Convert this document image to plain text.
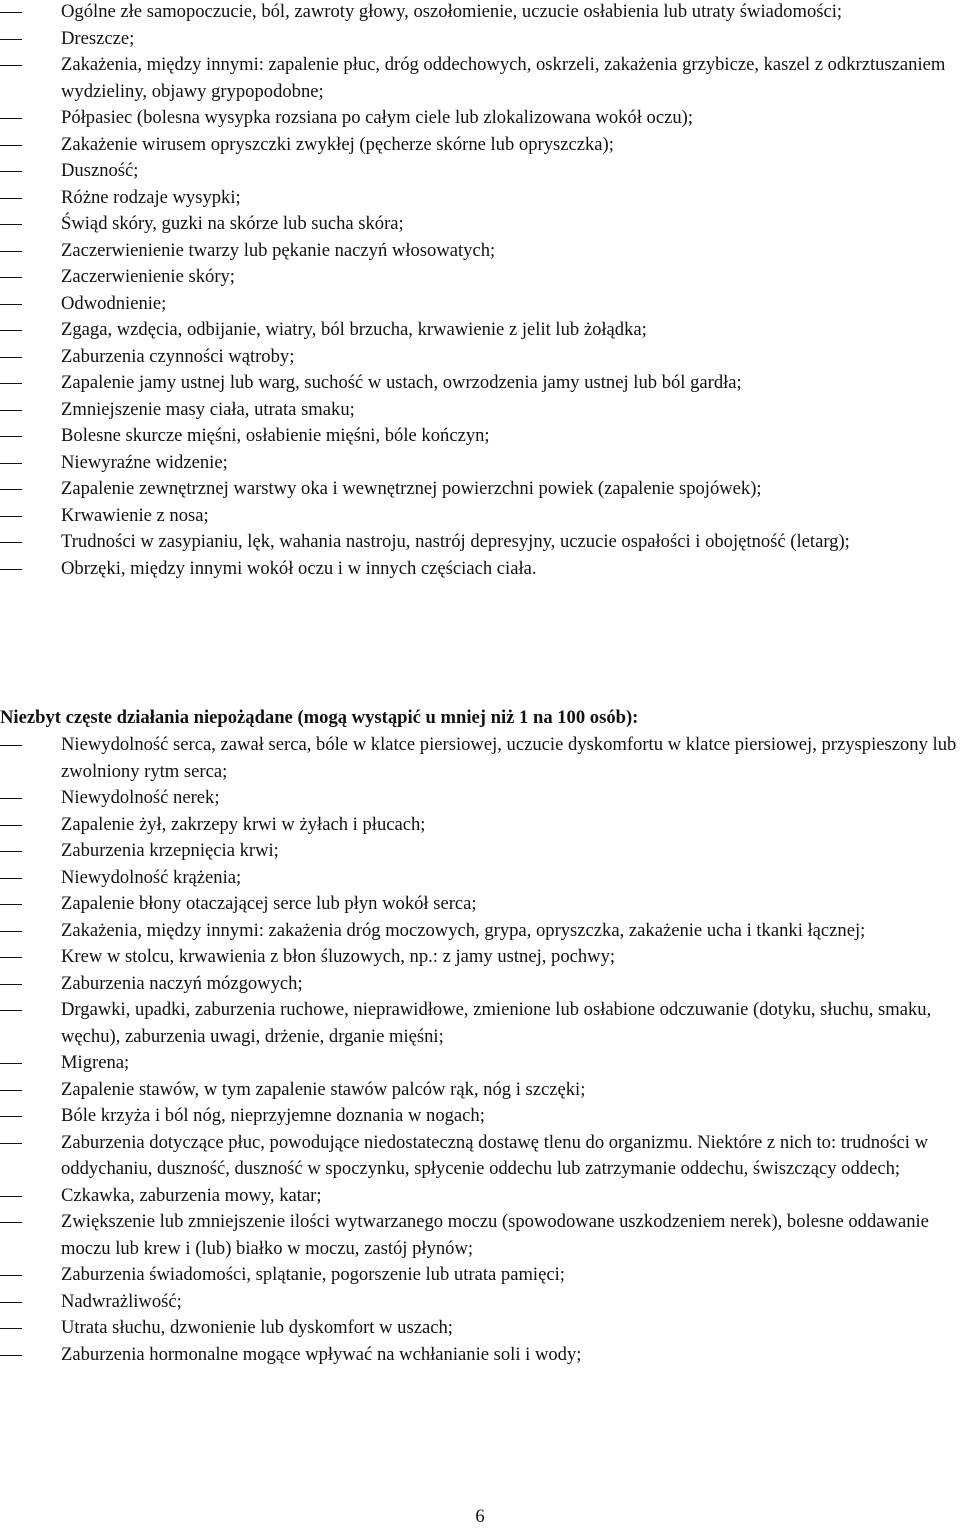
Ogólne złe samopoczucie, ból, zawroty głowy, oszołomienie, uczucie osłabienia lub utraty świadomości;
Dreszcze;
Zakażenia, między innymi: zapalenie płuc, dróg oddechowych, oskrzeli, zakażenia grzybicze, kaszel z odkrztuszaniem wydzieliny, objawy grypopodobne;
Półpasiec (bolesna wysypka rozsiana po całym ciele lub zlokalizowana wokół oczu);
Zakażenie wirusem opryszczki zwykłej (pęcherze skórne lub opryszczka);
Duszność;
Różne rodzaje wysypki;
Świąd skóry, guzki na skórze lub sucha skóra;
Zaczerwienienie twarzy lub pękanie naczyń włosowatych;
Zaczerwienienie skóry;
Odwodnienie;
Zgaga, wzdęcia, odbijanie, wiatry, ból brzucha, krwawienie z jelit lub żołądka;
Zaburzenia czynności wątroby;
Zapalenie jamy ustnej lub warg, suchość w ustach, owrzodzenia jamy ustnej lub ból gardła;
Zmniejszenie masy ciała, utrata smaku;
Bolesne skurcze mięśni, osłabienie mięśni, bóle kończyn;
Niewyraźne widzenie;
Zapalenie zewnętrznej warstwy oka i wewnętrznej powierzchni powiek (zapalenie spojówek);
Krwawienie z nosa;
Trudności w zasypianiu, lęk, wahania nastroju, nastrój depresyjny, uczucie ospałości i obojętność (letarg);
Obrzęki, między innymi wokół oczu i w innych częściach ciała.
Niezbyt częste działania niepożądane (mogą wystąpić u mniej niż 1 na 100 osób):
Niewydolność serca, zawał serca, bóle w klatce piersiowej, uczucie dyskomfortu w klatce piersiowej, przyspieszony lub zwolniony rytm serca;
Niewydolność nerek;
Zapalenie żył, zakrzepy krwi w żyłach i płucach;
Zaburzenia krzepnięcia krwi;
Niewydolność krążenia;
Zapalenie błony otaczającej serce lub płyn wokół serca;
Zakażenia, między innymi: zakażenia dróg moczowych, grypa, opryszczka, zakażenie ucha i tkanki łącznej;
Krew w stolcu, krwawienia z błon śluzowych, np.: z jamy ustnej, pochwy;
Zaburzenia naczyń mózgowych;
Drgawki, upadki, zaburzenia ruchowe, nieprawidłowe, zmienione lub osłabione odczuwanie (dotyku, słuchu, smaku, węchu), zaburzenia uwagi, drżenie, drganie mięśni;
Migrena;
Zapalenie stawów, w tym zapalenie stawów palców rąk, nóg i szczęki;
Bóle krzyża i ból nóg, nieprzyjemne doznania w nogach;
Zaburzenia dotyczące płuc, powodujące niedostateczną dostawę tlenu do organizmu. Niektóre z nich to: trudności w oddychaniu, duszność, duszność w spoczynku, spłycenie oddechu lub zatrzymanie oddechu, świszczący oddech;
Czkawka, zaburzenia mowy, katar;
Zwiększenie lub zmniejszenie ilości wytwarzanego moczu (spowodowane uszkodzeniem nerek), bolesne oddawanie moczu lub krew i (lub) białko w moczu, zastój płynów;
Zaburzenia świadomości, splątanie, pogorszenie lub utrata pamięci;
Nadwrażliwość;
Utrata słuchu, dzwonienie lub dyskomfort w uszach;
Zaburzenia hormonalne mogące wpływać na wchłanianie soli i wody;
6
